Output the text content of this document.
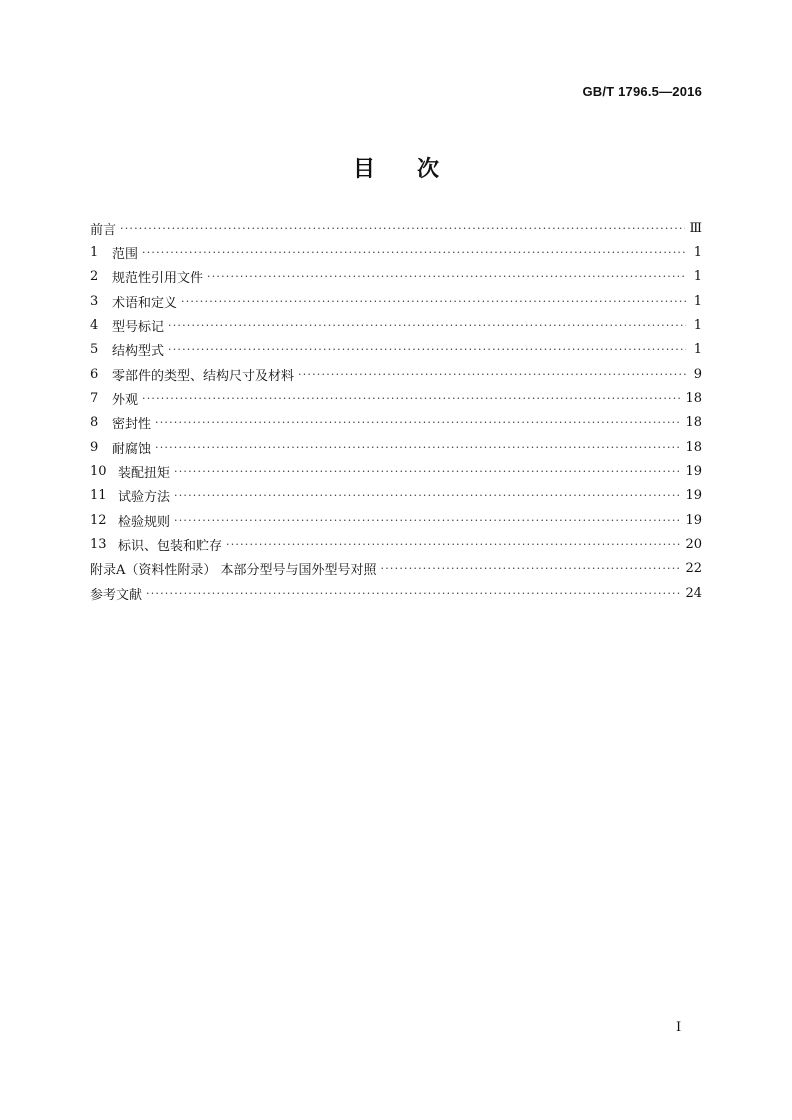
GB/T 1796.5—2016
目 次
前言 ·····	Ⅲ
1	范围 ·····	1
2	规范性引用文件 ·····	1
3	术语和定义 ·····	1
4	型号标记 ·····	1
5	结构型式 ·····	1
6	零部件的类型、结构尺寸及材料 ·····	9
7	外观 ·····	18
8	密封性 ·····	18
9	耐腐蚀 ·····	18
10 装配扭矩 ·····	19
11 试验方法 ·····	19
12 检验规则 ·····	19
13 标识、包装和贮存 ·····	20
附录A（资料性附录） 本部分型号与国外型号对照 ·····	22
参考文献 ·····	24
I
